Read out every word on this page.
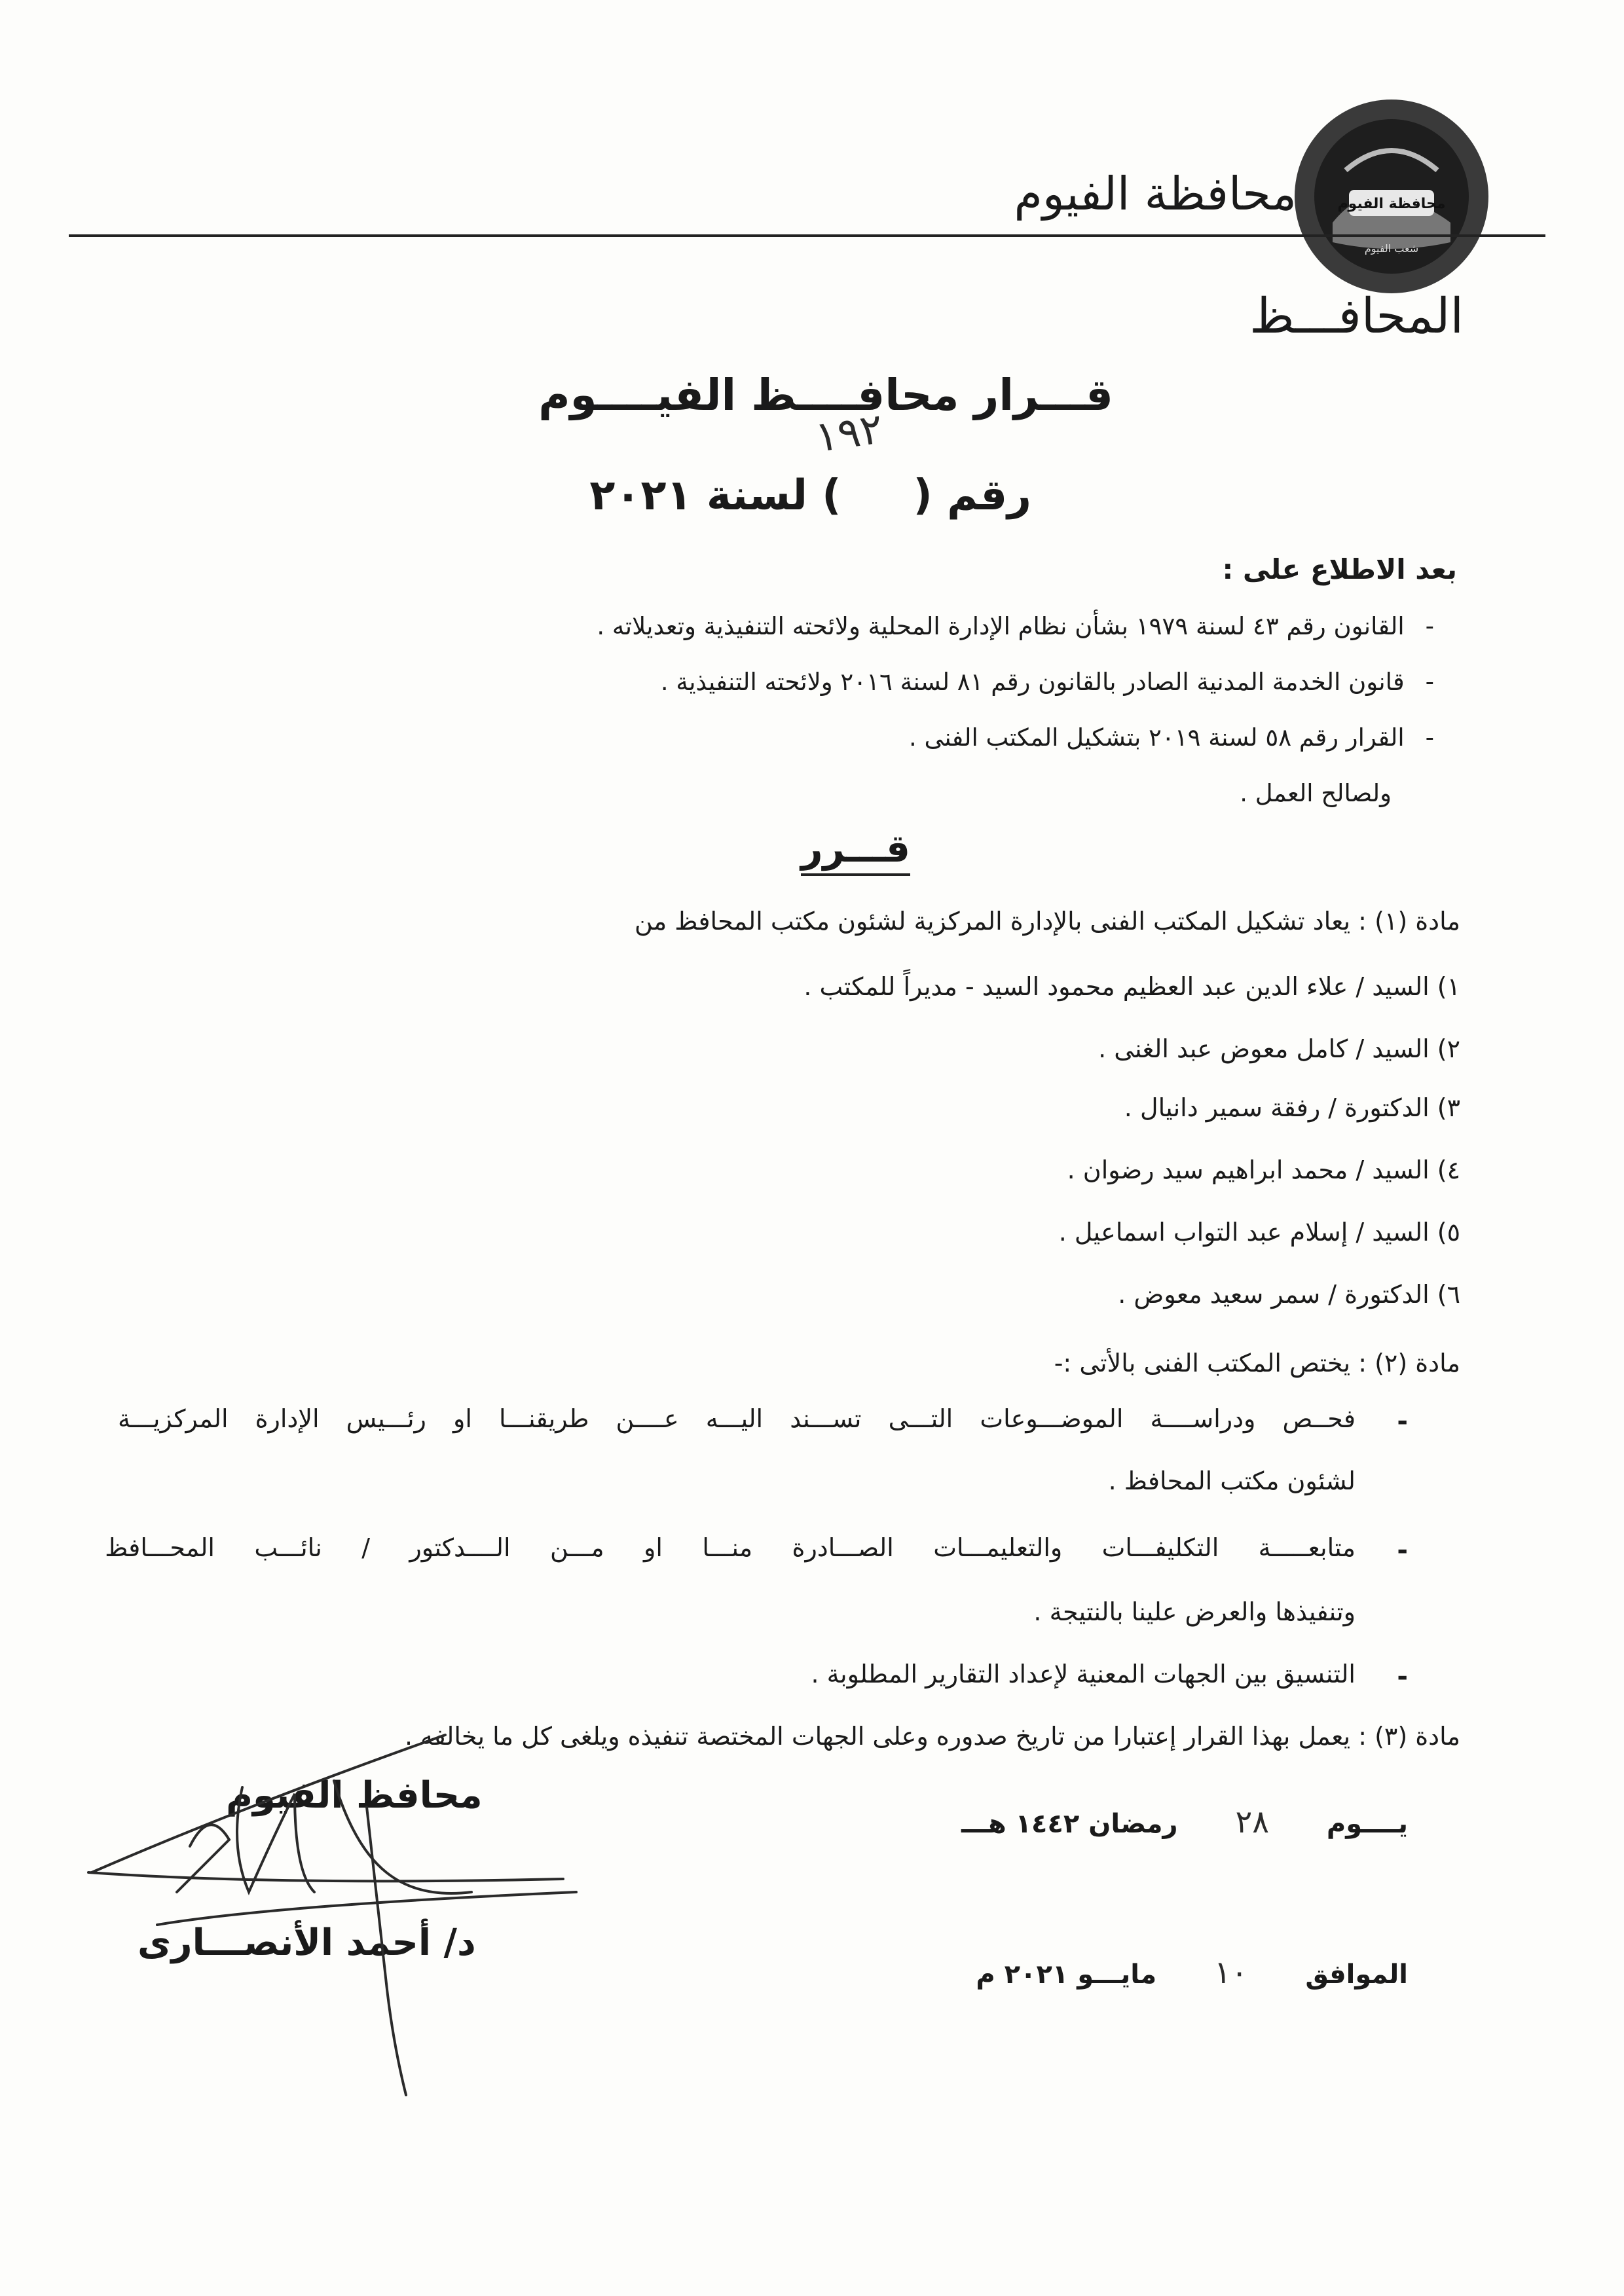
محافظة الفيوم
شعب الفيوم
محافظة الفيوم
المحافـــظ
قـــرار محافــــظ الفيــــوم
١٩٢
رقم () لسنة ٢٠٢١
بعد الاطلاع على :
-القانون رقم ٤٣ لسنة ١٩٧٩ بشأن نظام الإدارة المحلية ولائحته التنفيذية وتعديلاته .
-قانون الخدمة المدنية الصادر بالقانون رقم ٨١ لسنة ٢٠١٦ ولائحته التنفيذية .
-القرار رقم ٥٨ لسنة ٢٠١٩ بتشكيل المكتب الفنى .
ولصالح العمل .
قـــرر
مادة (١) : يعاد تشكيل المكتب الفنى بالإدارة المركزية لشئون مكتب المحافظ من
١) السيد / علاء الدين عبد العظيم محمود السيد - مديراً للمكتب .
٢) السيد / كامل معوض عبد الغنى .
٣) الدكتورة / رفقة سمير دانيال .
٤) السيد / محمد ابراهيم سيد رضوان .
٥) السيد / إسلام عبد التواب اسماعيل .
٦) الدكتورة / سمر سعيد معوض .
مادة (٢) : يختص المكتب الفنى بالأتى :-
-
فحــص
ودراســــة
الموضـــوعات
التـــى
تســـند
اليـــه
عــــن
طريقنـــا
او
رئـــيس
الإدارة
المركزيـــة
لشئون مكتب المحافظ .
-
متابعـــــة
التكليفـــات
والتعليمـــات
الصـــادرة
منـــا
او
مـــن
الــــدكتور
/
نائـــب
المحـــافظ
وتنفيذها والعرض علينا بالنتيجة .
-
التنسيق بين الجهات المعنية لإعداد التقارير المطلوبة .
مادة (٣) : يعمل بهذا القرار إعتبارا من تاريخ صدوره وعلى الجهات المختصة تنفيذه ويلغى كل ما يخالفه .
يــــوم  ٢٨  رمضان ١٤٤٢ هـــ
الموافق  ١٠  مايـــو ٢٠٢١ م
محافظ الفيوم
د/ أحمد الأنصـــارى
